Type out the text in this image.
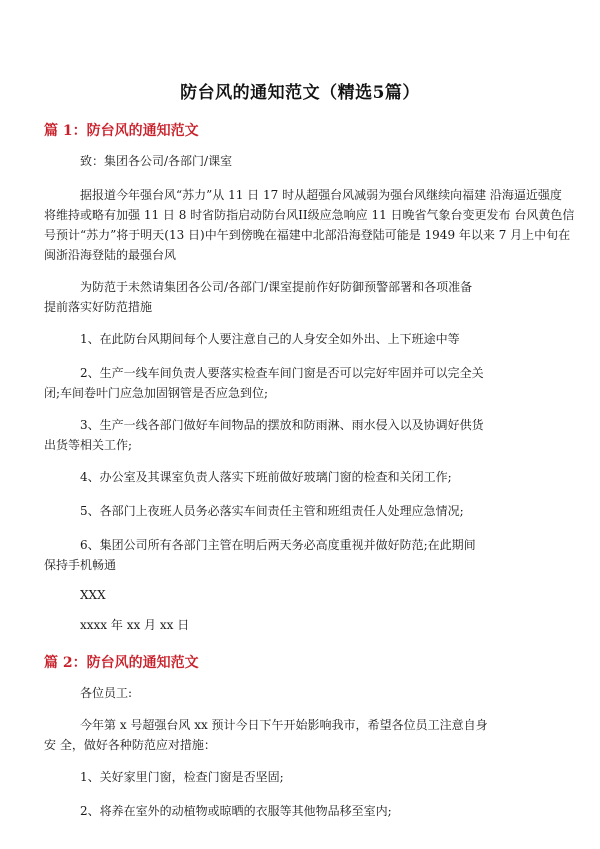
防台风的通知范文（精选5篇）
篇 1：防台风的通知范文

致：集团各公司/各部门/课室

据报道今年强台风“苏力”从 11 日 17 时从超强台风减弱为强台风继续向福建 沿海逼近强度

将维持或略有加强 11 日 8 时省防指启动防台风II级应急响应 11 日晚省气象台变更发布 台风黄色信

号预计“苏力”将于明天(13 日)中午到傍晚在福建中北部沿海登陆可能是 1949 年以来 7 月上中旬在

闽浙沿海登陆的最强台风

为防范于未然请集团各公司/各部门/课室提前作好防御预警部署和各项准备

提前落实好防范措施

1、在此防台风期间每个人要注意自己的人身安全如外出、上下班途中等

2、生产一线车间负责人要落实检查车间门窗是否可以完好牢固并可以完全关

闭;车间卷叶门应急加固钢管是否应急到位;

3、生产一线各部门做好车间物品的摆放和防雨淋、雨水侵入以及协调好供货

出货等相关工作;

4、办公室及其课室负责人落实下班前做好玻璃门窗的检查和关闭工作;

5、各部门上夜班人员务必落实车间责任主管和班组责任人处理应急情况;

6、集团公司所有各部门主管在明后两天务必高度重视并做好防范;在此期间

保持手机畅通

XXX

xxxx 年 xx 月 xx 日

篇 2：防台风的通知范文

各位员工:

今年第 x 号超强台风 xx 预计今日下午开始影响我市，希望各位员工注意自身

安 全，做好各种防范应对措施：

1、关好家里门窗，检查门窗是否坚固;

2、将养在室外的动植物或晾晒的衣服等其他物品移至室内;
